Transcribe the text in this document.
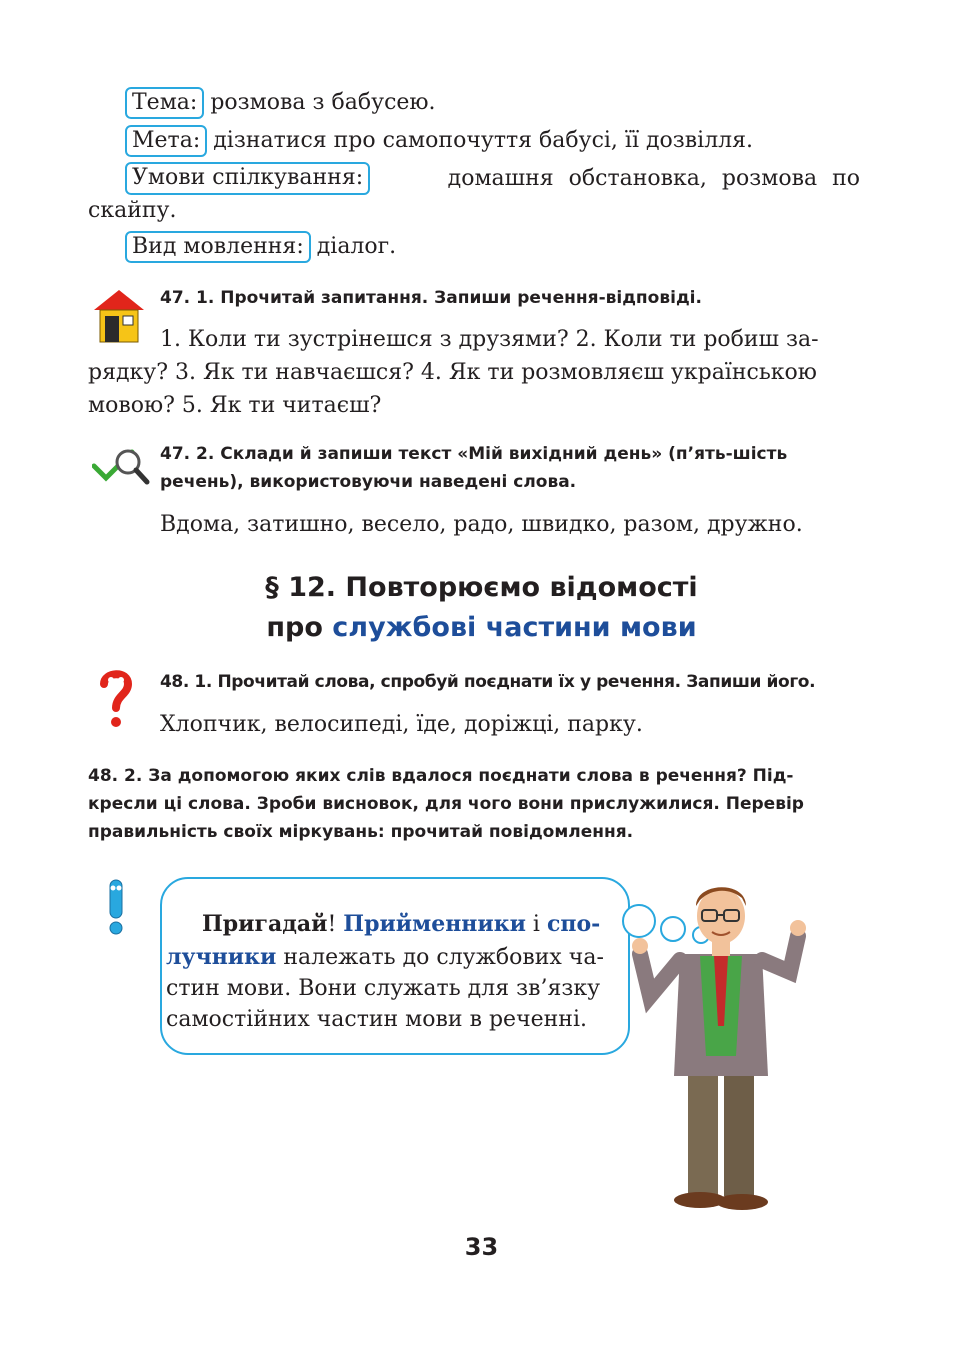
Тема: розмова з бабусею.
Мета: дізнатися про самопочуття бабусі, її дозвілля.
Умови спілкування:	домашня обстановка, розмова по
скайпу.
Вид мовлення: діалог.
47. 1. Прочитай запитання. Запиши речення-відповіді.
1. Коли ти зустрінешся з друзями? 2. Коли ти робиш за-
рядку? 3. Як ти навчаєшся? 4. Як ти розмовляєш українською
мовою? 5. Як ти читаєш?
47. 2. Склади й запиши текст «Мій вихідний день» (п’ять-шість
речень), використовуючи наведені слова.
Вдома, затишно, весело, радо, швидко, разом, дружно.
§ 12. Повторюємо відомості
про службові частини мови
48. 1. Прочитай слова, спробуй поєднати їх у речення. Запиши його.
Хлопчик, велосипеді, їде, доріжці, парку.
48. 2. За допомогою яких слів вдалося поєднати слова в речення? Під-
кресли ці слова. Зроби висновок, для чого вони прислужилися. Перевір
правильність своїх міркувань: прочитай повідомлення.
Пригадай! Прийменники і спо-
лучники належать до службових ча-
стин мови. Вони служать для зв’язку
самостійних частин мови в реченні.
33
